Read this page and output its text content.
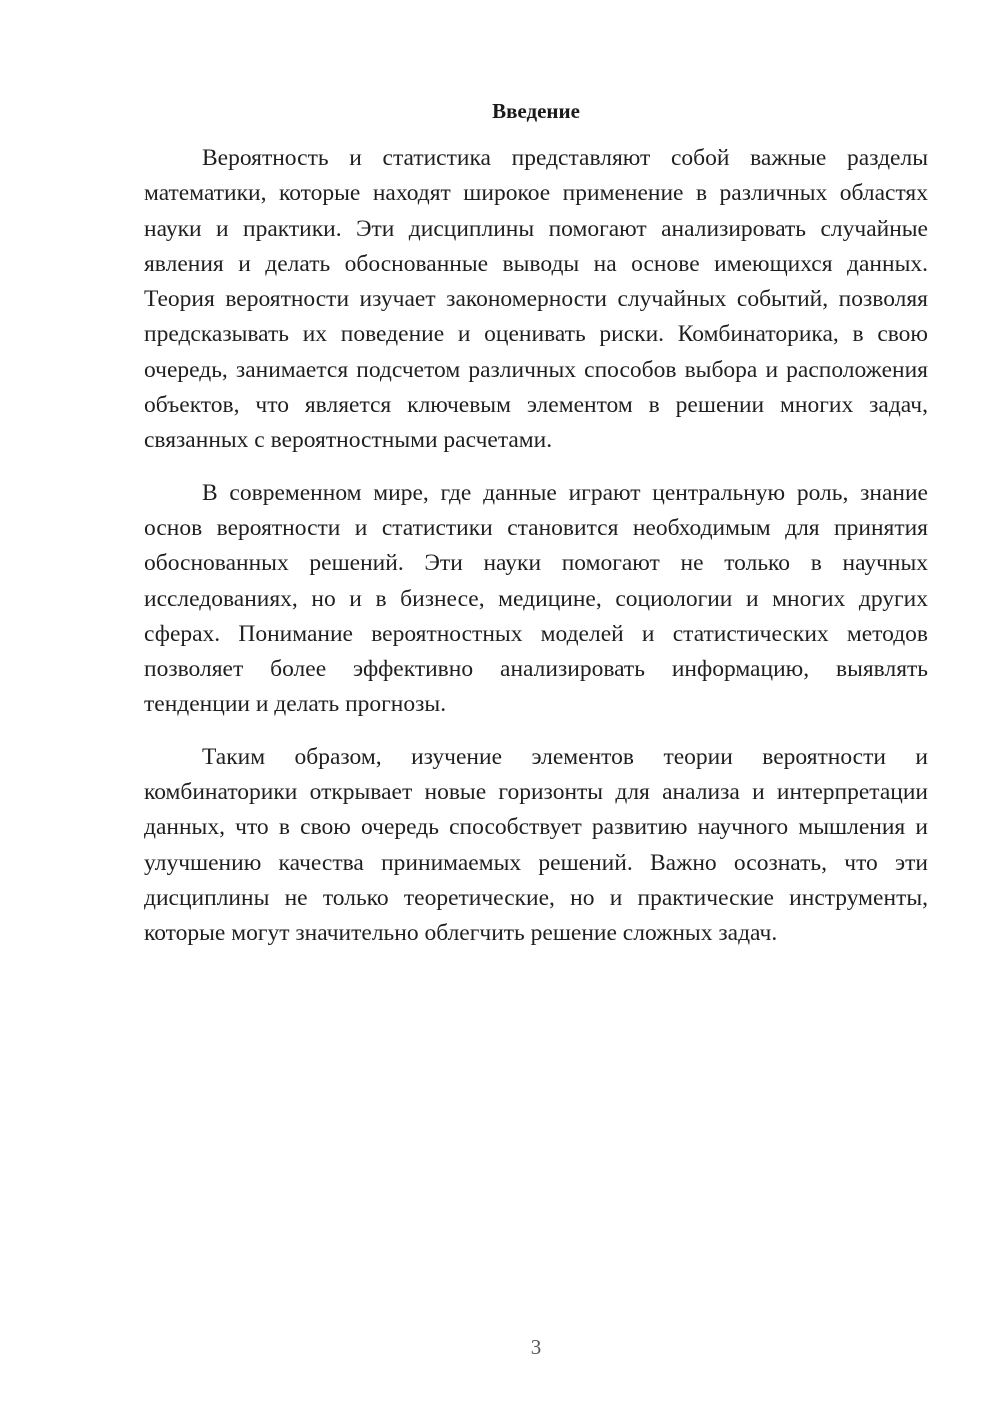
Введение

Вероятность и статистика представляют собой важные разделы математики, которые находят широкое применение в различных областях науки и практики. Эти дисциплины помогают анализировать случайные явления и делать обоснованные выводы на основе имеющихся данных. Теория вероятности изучает закономерности случайных событий, позволяя предсказывать их поведение и оценивать риски. Комбинаторика, в свою очередь, занимается подсчетом различных способов выбора и расположения объектов, что является ключевым элементом в решении многих задач, связанных с вероятностными расчетами.

В современном мире, где данные играют центральную роль, знание основ вероятности и статистики становится необходимым для принятия обоснованных решений. Эти науки помогают не только в научных исследованиях, но и в бизнесе, медицине, социологии и многих других сферах. Понимание вероятностных моделей и статистических методов позволяет более эффективно анализировать информацию, выявлять тенденции и делать прогнозы.

Таким образом, изучение элементов теории вероятности и комбинаторики открывает новые горизонты для анализа и интерпретации данных, что в свою очередь способствует развитию научного мышления и улучшению качества принимаемых решений. Важно осознать, что эти дисциплины не только теоретические, но и практические инструменты, которые могут значительно облегчить решение сложных задач.

3
